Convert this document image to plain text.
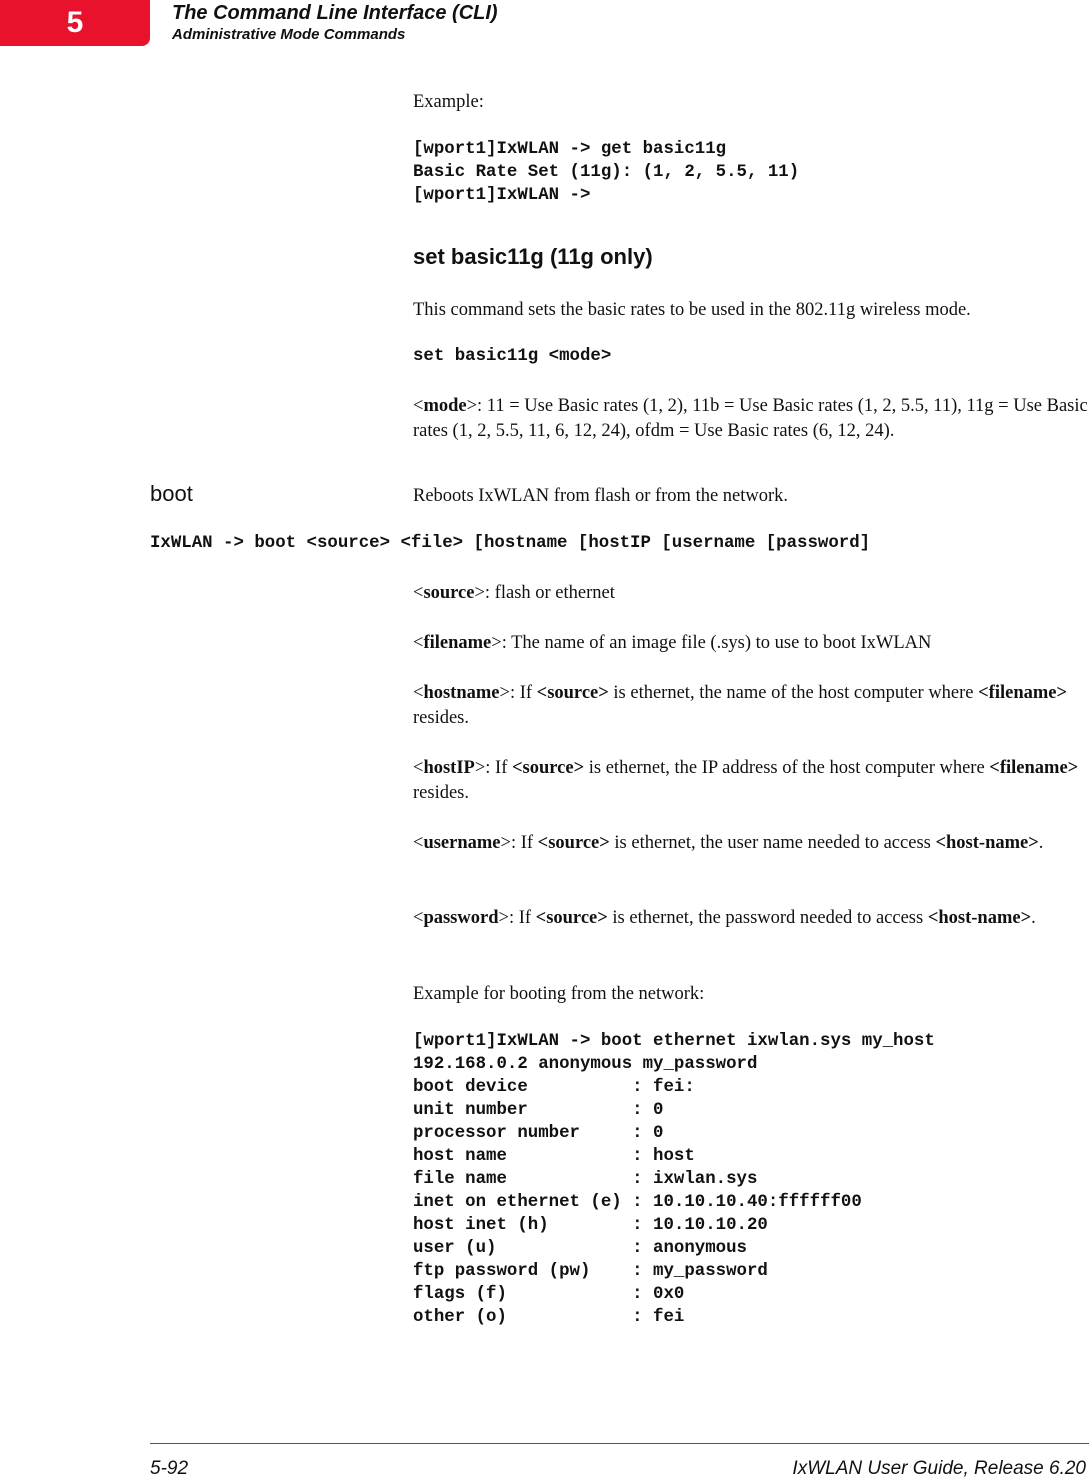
5	The Command Line Interface (CLI)
Administrative Mode Commands
Example:
[wport1]IxWLAN -> get basic11g
Basic Rate Set (11g): (1, 2, 5.5, 11)
[wport1]IxWLAN ->
set basic11g (11g only)
This command sets the basic rates to be used in the 802.11g wireless mode.
set basic11g <mode>
<mode>: 11 = Use Basic rates (1, 2), 11b = Use Basic rates (1, 2, 5.5, 11), 11g = Use Basic rates (1, 2, 5.5, 11, 6, 12, 24), ofdm = Use Basic rates (6, 12, 24).
boot	Reboots IxWLAN from flash or from the network.
IxWLAN -> boot <source> <file> [hostname [hostIP [username [password]
<source>: flash or ethernet
<filename>: The name of an image file (.sys) to use to boot IxWLAN
<hostname>: If <source> is ethernet, the name of the host computer where <filename> resides.
<hostIP>: If <source> is ethernet, the IP address of the host computer where <filename> resides.
<username>: If <source> is ethernet, the user name needed to access <host-name>.
<password>: If <source> is ethernet, the password needed to access <host-name>.
Example for booting from the network:
[wport1]IxWLAN -> boot ethernet ixwlan.sys my_host
192.168.0.2 anonymous my_password
boot device          : fei:
unit number          : 0
processor number     : 0
host name            : host
file name            : ixwlan.sys
inet on ethernet (e) : 10.10.10.40:ffffff00
host inet (h)        : 10.10.10.20
user (u)             : anonymous
ftp password (pw)    : my_password
flags (f)            : 0x0
other (o)            : fei
5-92	IxWLAN User Guide, Release 6.20
